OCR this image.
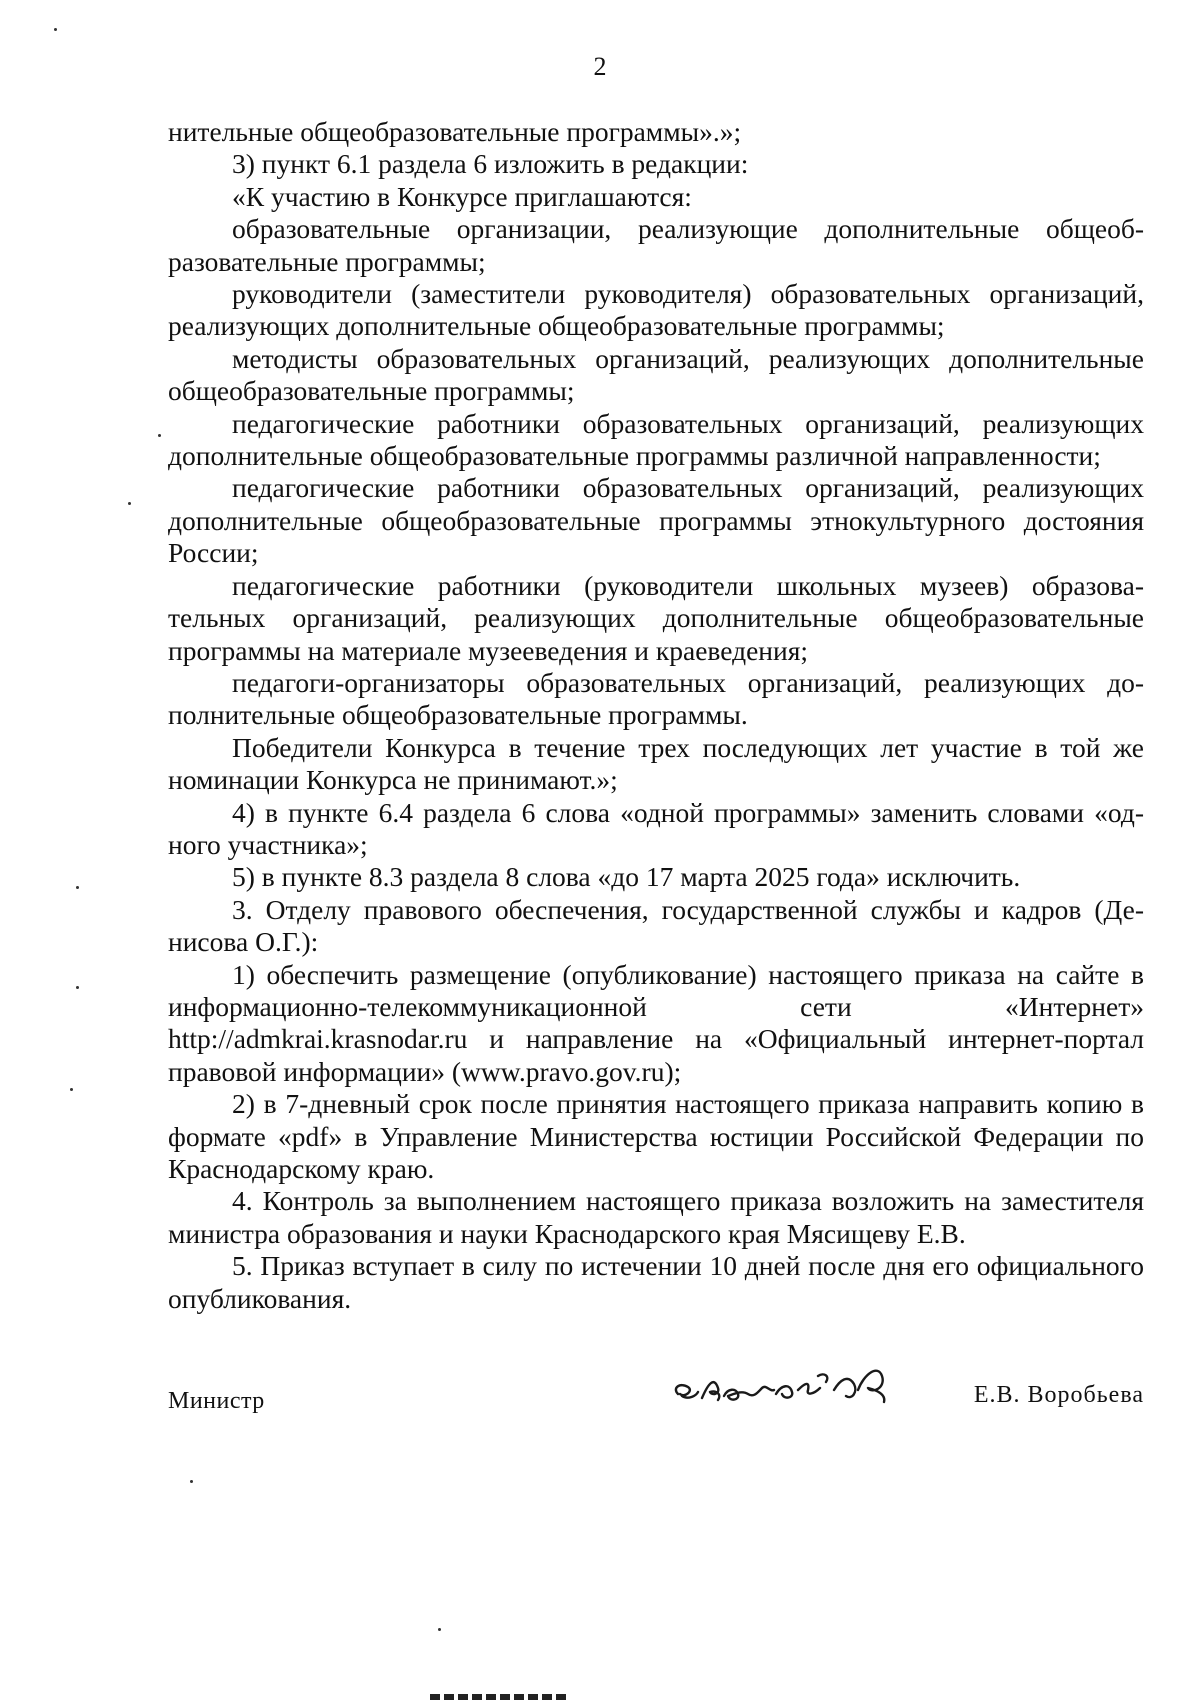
2

нительные общеобразовательные программы».»;

3) пункт 6.1 раздела 6 изложить в редакции:

«К участию в Конкурсе приглашаются:

образовательные организации, реализующие дополнительные общеобразовательные программы;

руководители (заместители руководителя) образовательных организаций, реализующих дополнительные общеобразовательные программы;

методисты образовательных организаций, реализующих дополнительные общеобразовательные программы;

педагогические работники образовательных организаций, реализующих дополнительные общеобразовательные программы различной направленности;

педагогические работники образовательных организаций, реализующих дополнительные общеобразовательные программы этнокультурного достояния России;

педагогические работники (руководители школьных музеев) образовательных организаций, реализующих дополнительные общеобразовательные программы на материале музееведения и краеведения;

педагоги-организаторы образовательных организаций, реализующих дополнительные общеобразовательные программы.

Победители Конкурса в течение трех последующих лет участие в той же номинации Конкурса не принимают.»;

4) в пункте 6.4 раздела 6 слова «одной программы» заменить словами «одного участника»;

5) в пункте 8.3 раздела 8 слова «до 17 марта 2025 года» исключить.

3. Отделу правового обеспечения, государственной службы и кадров (Денисова О.Г.):

1) обеспечить размещение (опубликование) настоящего приказа на сайте в информационно-телекоммуникационной сети «Интернет» http://admkrai.krasnodar.ru и направление на «Официальный интернет-портал правовой информации» (www.pravo.gov.ru);

2) в 7-дневный срок после принятия настоящего приказа направить копию в формате «pdf» в Управление Министерства юстиции Российской Федерации по Краснодарскому краю.

4. Контроль за выполнением настоящего приказа возложить на заместителя министра образования и науки Краснодарского края Мясищеву Е.В.

5. Приказ вступает в силу по истечении 10 дней после дня его официального опубликования.

Министр	Е.В. Воробьева
